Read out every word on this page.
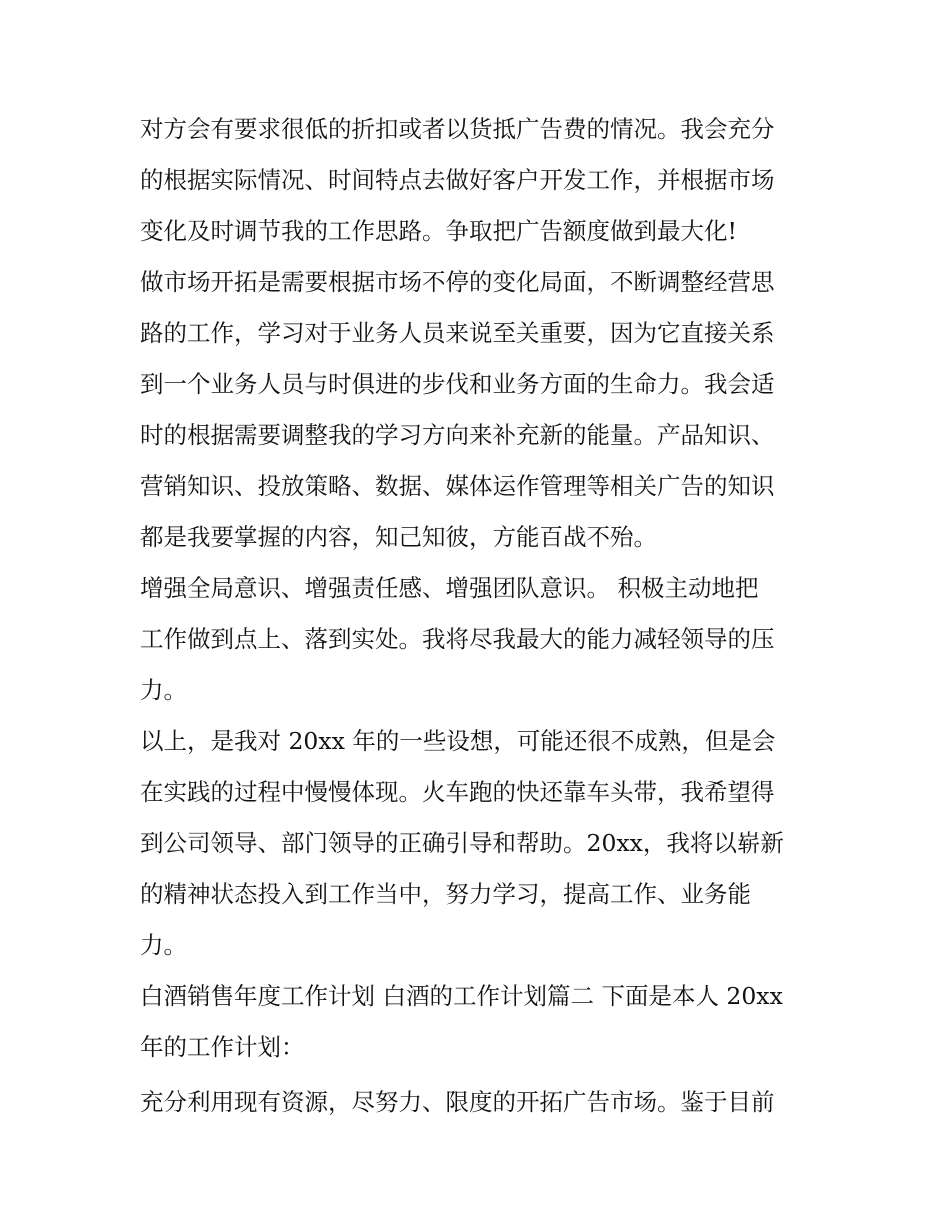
对方会有要求很低的折扣或者以货抵广告费的情况。我会充分
的根据实际情况、时间特点去做好客户开发工作，并根据市场
变化及时调节我的工作思路。争取把广告额度做到最大化!
做市场开拓是需要根据市场不停的变化局面，不断调整经营思
路的工作，学习对于业务人员来说至关重要，因为它直接关系
到一个业务人员与时俱进的步伐和业务方面的生命力。我会适
时的根据需要调整我的学习方向来补充新的能量。产品知识、
营销知识、投放策略、数据、媒体运作管理等相关广告的知识
都是我要掌握的内容，知己知彼，方能百战不殆。
增强全局意识、增强责任感、增强团队意识。 积极主动地把
工作做到点上、落到实处。我将尽我最大的能力减轻领导的压
力。
以上，是我对 20xx 年的一些设想，可能还很不成熟，但是会
在实践的过程中慢慢体现。火车跑的快还靠车头带，我希望得
到公司领导、部门领导的正确引导和帮助。20xx，我将以崭新
的精神状态投入到工作当中，努力学习，提高工作、业务能
力。
白酒销售年度工作计划 白酒的工作计划篇二 下面是本人 20xx
年的工作计划：
充分利用现有资源，尽努力、限度的开拓广告市场。鉴于目前
